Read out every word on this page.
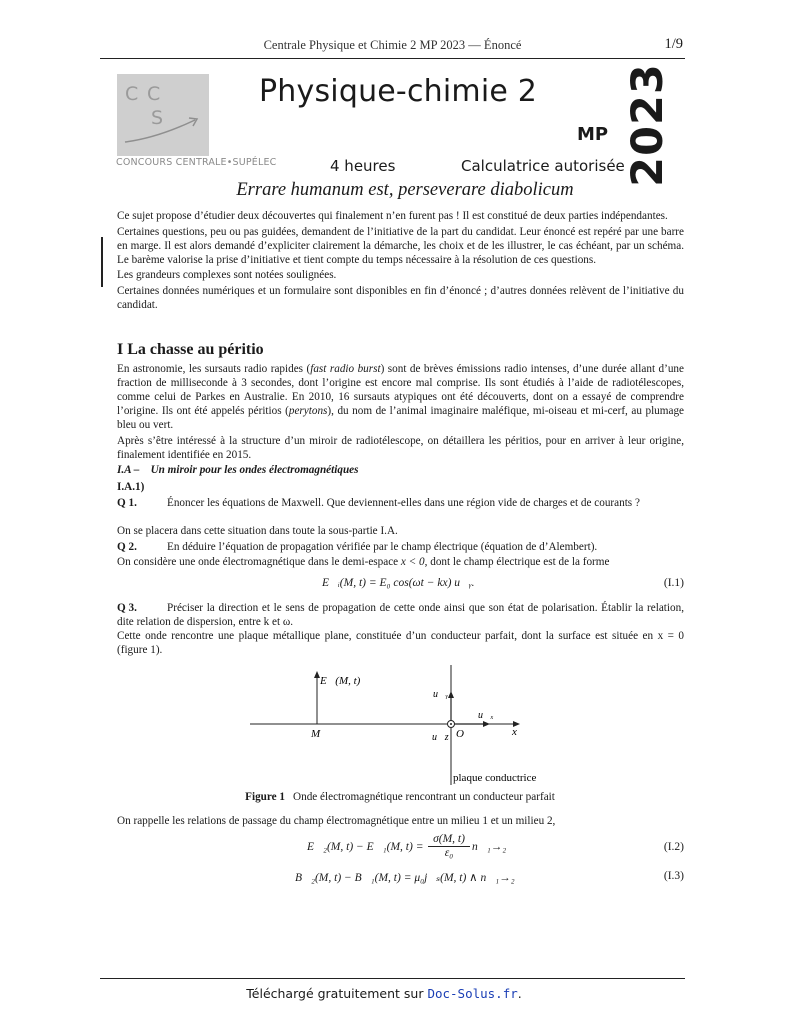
Centrale Physique et Chimie 2 MP 2023 — Énoncé	1/9
C C
S
CONCOURS CENTRALE•SUPÉLEC
Physique-chimie 2
MP
4 heures	Calculatrice autorisée
2023
Errare humanum est, perseverare diabolicum

Ce sujet propose d’étudier deux découvertes qui finalement n’en furent pas ! Il est constitué de deux parties indépendantes.

Certaines questions, peu ou pas guidées, demandent de l’initiative de la part du candidat. Leur énoncé est repéré par une barre en marge. Il est alors demandé d’expliciter clairement la démarche, les choix et de les illustrer, le cas échéant, par un schéma. Le barème valorise la prise d’initiative et tient compte du temps nécessaire à la résolution de ces questions.

Les grandeurs complexes sont notées soulignées.

Certaines données numériques et un formulaire sont disponibles en fin d’énoncé ; d’autres données relèvent de l’initiative du candidat.

I La chasse au péritio

En astronomie, les sursauts radio rapides (fast radio burst) sont de brèves émissions radio intenses, d’une durée allant d’une fraction de milliseconde à 3 secondes, dont l’origine est encore mal comprise. Ils sont étudiés à l’aide de radiotélescopes, comme celui de Parkes en Australie. En 2010, 16 sursauts atypiques ont été découverts, dont on a essayé de comprendre l’origine. Ils ont été appelés péritios (perytons), du nom de l’animal imaginaire maléfique, mi-oiseau et mi-cerf, au plumage bleu ou vert.

Après s’être intéressé à la structure d’un miroir de radiotélescope, on détaillera les péritios, pour en arriver à leur origine, finalement identifiée en 2015.

I.A – Un miroir pour les ondes électromagnétiques
I.A.1)
Q 1.	Énoncer les équations de Maxwell. Que deviennent-elles dans une région vide de charges et de courants ?
On se placera dans cette situation dans toute la sous-partie I.A.
Q 2.	En déduire l’équation de propagation vérifiée par le champ électrique (équation de d’Alembert).
On considère une onde électromagnétique dans le demi-espace x < 0, dont le champ électrique est de la forme
E⃗ᵢ(M, t) = E₀ cos(ωt − kx) u⃗ᵧ.	(I.1)
Q 3.	Préciser la direction et le sens de propagation de cette onde ainsi que son état de polarisation. Établir la relation, dite relation de dispersion, entre k et ω.
Cette onde rencontre une plaque métallique plane, constituée d’un conducteur parfait, dont la surface est située en x = 0 (figure 1).
E⃗(M, t)
u⃗ᵧ
u⃗ₓ
u⃗z
M	O	x
plaque conductrice
Figure 1 Onde électromagnétique rencontrant un conducteur parfait
On rappelle les relations de passage du champ électromagnétique entre un milieu 1 et un milieu 2,
E⃗₂(M, t) − E⃗₁(M, $t) = \frac{\sigma(M, t)}{\text{ε₀}}$ n⃗₁→₂	(I.2)
B⃗₂(M, t) − B⃗₁(M, t) = μ₀j⃗ₛ(M, t) ∧ n⃗₁→₂	(I.3)
Téléchargé gratuitement sur Doc-Solus.fr.
